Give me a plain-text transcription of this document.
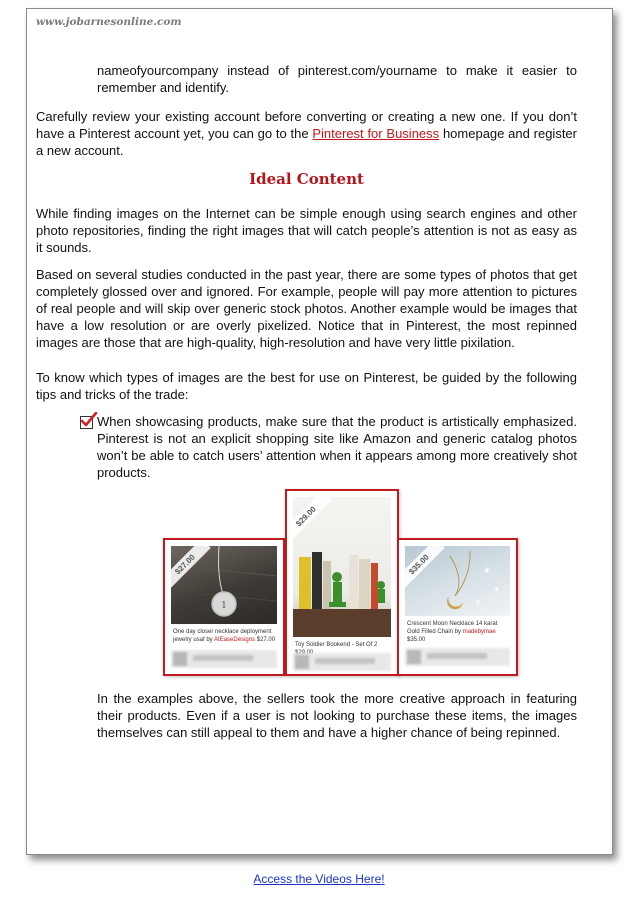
www.jobarnesonline.com

nameofyourcompany instead of pinterest.com/yourname to make it easier to remember and identify.

Carefully review your existing account before converting or creating a new one. If you don’t have a Pinterest account yet, you can go to the Pinterest for Business homepage and register a new account.

Ideal Content

While finding images on the Internet can be simple enough using search engines and other photo repositories, finding the right images that will catch people’s attention is not as easy as it sounds.

Based on several studies conducted in the past year, there are some types of photos that get completely glossed over and ignored. For example, people will pay more attention to pictures of real people and will skip over generic stock photos. Another example would be images that have a low resolution or are overly pixelized. Notice that in Pinterest, the most repinned images are those that are high-quality, high-resolution and have very little pixilation.

To know which types of images are the best for use on Pinterest, be guided by the following tips and tricks of the trade:

When showcasing products, make sure that the product is artistically emphasized. Pinterest is not an explicit shopping site like Amazon and generic catalog photos won’t be able to catch users’ attention when it appears among more creatively shot products.

1
$27.00
One day closer necklace deployment jewelry usaf by AtEaseDesigns $27.00
$29.00
Toy Soldier Bookend - Set Of 2
✶
✶
✶
$35.00
Crescent Moon Necklace 14 karat Gold Filled Chain by madebymae $35.00

In the examples above, the sellers took the more creative approach in featuring their products. Even if a user is not looking to purchase these items, the images themselves can still appeal to them and have a higher chance of being repinned.

Access the Videos Here!
